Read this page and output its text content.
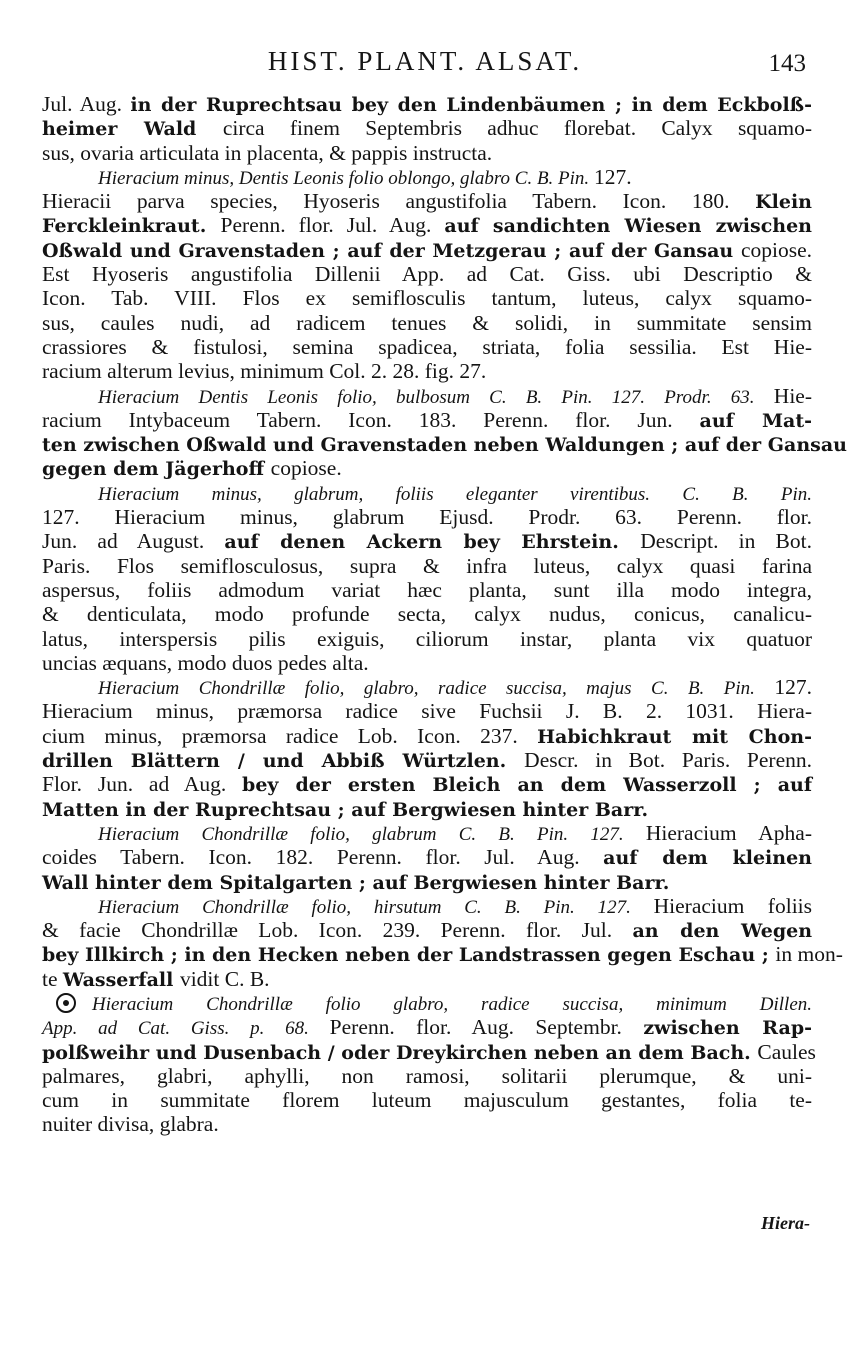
HIST. PLANT. ALSAT.	143
Jul. Aug. in der Ruprechtsau bey den Lindenbäumen ; in dem Eckbolß-
heimer Wald circa finem Septembris adhuc florebat. Calyx squamo-
sus, ovaria articulata in placenta, & pappis instructa.
Hieracium minus, Dentis Leonis folio oblongo, glabro C. B. Pin. 127.
Hieracii parva species, Hyoseris angustifolia Tabern. Icon. 180. Klein
Ferckleinkraut. Perenn. flor. Jul. Aug. auf sandichten Wiesen zwischen
Oßwald und Gravenstaden ; auf der Metzgerau ; auf der Gansau copiose.
Est Hyoseris angustifolia Dillenii App. ad Cat. Giss. ubi Descriptio &
Icon. Tab. VIII. Flos ex semiflosculis tantum, luteus, calyx squamo-
sus, caules nudi, ad radicem tenues & solidi, in summitate sensim
crassiores & fistulosi, semina spadicea, striata, folia sessilia. Est Hie-
racium alterum levius, minimum Col. 2. 28. fig. 27.
Hieracium Dentis Leonis folio, bulbosum C. B. Pin. 127. Prodr. 63. Hie-
racium Intybaceum Tabern. Icon. 183. Perenn. flor. Jun. auf Mat-
ten zwischen Oßwald und Gravenstaden neben Waldungen ; auf der Gansau
gegen dem Jägerhoff copiose.
Hieracium minus, glabrum, foliis eleganter virentibus. C. B. Pin.
127. Hieracium minus, glabrum Ejusd. Prodr. 63. Perenn. flor.
Jun. ad August. auf denen Ackern bey Ehrstein. Descript. in Bot.
Paris. Flos semiflosculosus, supra & infra luteus, calyx quasi farina
aspersus, foliis admodum variat hæc planta, sunt illa modo integra,
& denticulata, modo profunde secta, calyx nudus, conicus, canalicu-
latus, interspersis pilis exiguis, ciliorum instar, planta vix quatuor
uncias æquans, modo duos pedes alta.
Hieracium Chondrillæ folio, glabro, radice succisa, majus C. B. Pin. 127.
Hieracium minus, præmorsa radice sive Fuchsii J. B. 2. 1031. Hiera-
cium minus, præmorsa radice Lob. Icon. 237. Habichkraut mit Chon-
drillen Blättern / und Abbiß Würtzlen. Descr. in Bot. Paris. Perenn.
Flor. Jun. ad Aug. bey der ersten Bleich an dem Wasserzoll ; auf
Matten in der Ruprechtsau ; auf Bergwiesen hinter Barr.
Hieracium Chondrillæ folio, glabrum C. B. Pin. 127. Hieracium Apha-
coides Tabern. Icon. 182. Perenn. flor. Jul. Aug. auf dem kleinen
Wall hinter dem Spitalgarten ; auf Bergwiesen hinter Barr.
Hieracium Chondrillæ folio, hirsutum C. B. Pin. 127. Hieracium foliis
& facie Chondrillæ Lob. Icon. 239. Perenn. flor. Jul. an den Wegen
bey Illkirch ; in den Hecken neben der Landstrassen gegen Eschau ; in mon-
te Wasserfall vidit C. B.
Hieracium Chondrillæ folio glabro, radice succisa, minimum Dillen.
App. ad Cat. Giss. p. 68. Perenn. flor. Aug. Septembr. zwischen Rap-
polßweihr und Dusenbach / oder Dreykirchen neben an dem Bach. Caules
palmares, glabri, aphylli, non ramosi, solitarii plerumque, & uni-
cum in summitate florem luteum majusculum gestantes, folia te-
nuiter divisa, glabra.
Hiera-
